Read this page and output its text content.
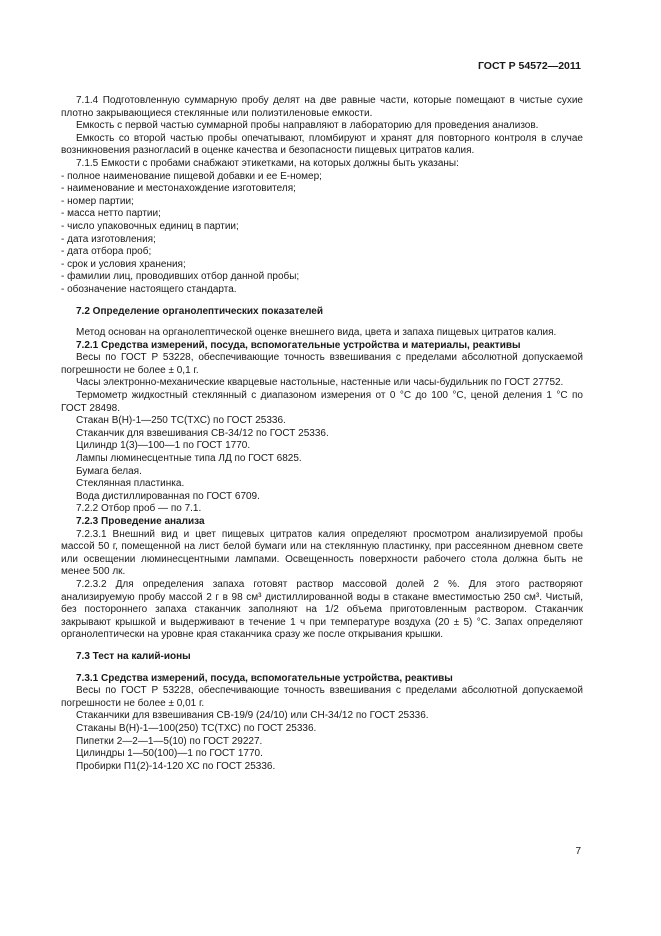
ГОСТ Р 54572—2011

7.1.4 Подготовленную суммарную пробу делят на две равные части, которые помещают в чистые сухие плотно закрывающиеся стеклянные или полиэтиленовые емкости.

Емкость с первой частью суммарной пробы направляют в лабораторию для проведения анализов.

Емкость со второй частью пробы опечатывают, пломбируют и хранят для повторного контроля в случае возникновения разногласий в оценке качества и безопасности пищевых цитратов калия.

7.1.5 Емкости с пробами снабжают этикетками, на которых должны быть указаны:

- полное наименование пищевой добавки и ее Е-номер;

- наименование и местонахождение изготовителя;

- номер партии;

- масса нетто партии;

- число упаковочных единиц в партии;

- дата изготовления;

- дата отбора проб;

- срок и условия хранения;

- фамилии лиц, проводивших отбор данной пробы;

- обозначение настоящего стандарта.

7.2 Определение органолептических показателей

Метод основан на органолептической оценке внешнего вида, цвета и запаха пищевых цитратов калия.

7.2.1 Средства измерений, посуда, вспомогательные устройства и материалы, реактивы

Весы по ГОСТ Р 53228, обеспечивающие точность взвешивания с пределами абсолютной допускаемой погрешности не более ± 0,1 г.

Часы электронно-механические кварцевые настольные, настенные или часы-будильник по ГОСТ 27752.

Термометр жидкостный стеклянный с диапазоном измерения от 0 °С до 100 °С, ценой деления 1 °С по ГОСТ 28498.

Стакан В(Н)-1—250 ТС(ТХС) по ГОСТ 25336.

Стаканчик для взвешивания СВ-34/12 по ГОСТ 25336.

Цилиндр 1(3)—100—1 по ГОСТ 1770.

Лампы люминесцентные типа ЛД по ГОСТ 6825.

Бумага белая.

Стеклянная пластинка.

Вода дистиллированная по ГОСТ 6709.

7.2.2 Отбор проб — по 7.1.

7.2.3 Проведение анализа

7.2.3.1 Внешний вид и цвет пищевых цитратов калия определяют просмотром анализируемой пробы массой 50 г, помещенной на лист белой бумаги или на стеклянную пластинку, при рассеянном дневном свете или освещении люминесцентными лампами. Освещенность поверхности рабочего стола должна быть не менее 500 лк.

7.2.3.2 Для определения запаха готовят раствор массовой долей 2 %. Для этого растворяют анализируемую пробу массой 2 г в 98 см³ дистиллированной воды в стакане вместимостью 250 см³. Чистый, без постороннего запаха стаканчик заполняют на 1/2 объема приготовленным раствором. Стаканчик закрывают крышкой и выдерживают в течение 1 ч при температуре воздуха (20 ± 5) °С. Запах определяют органолептически на уровне края стаканчика сразу же после открывания крышки.

7.3 Тест на калий-ионы

7.3.1 Средства измерений, посуда, вспомогательные устройства, реактивы

Весы по ГОСТ Р 53228, обеспечивающие точность взвешивания с пределами абсолютной допускаемой погрешности не более ± 0,01 г.

Стаканчики для взвешивания СВ-19/9 (24/10) или СН-34/12 по ГОСТ 25336.

Стаканы В(Н)-1—100(250) ТС(ТХС) по ГОСТ 25336.

Пипетки 2—2—1—5(10) по ГОСТ 29227.

Цилиндры 1—50(100)—1 по ГОСТ 1770.

Пробирки П1(2)-14-120 ХС по ГОСТ 25336.

7
